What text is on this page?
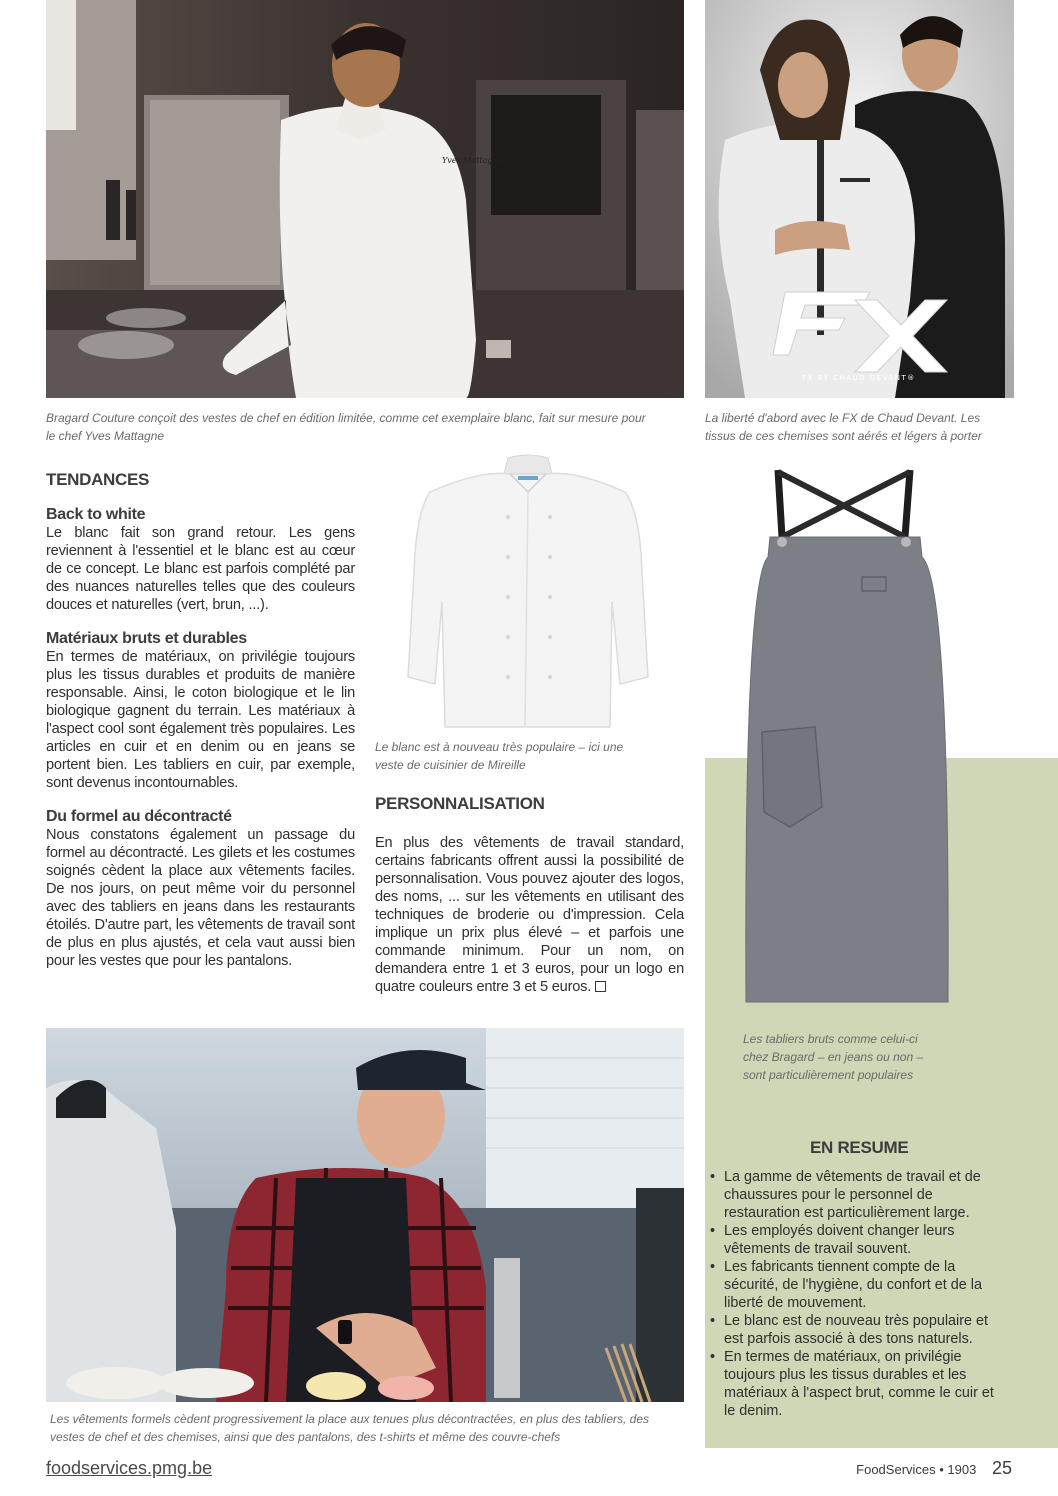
Yves Mattagne
Bragard Couture conçoit des vestes de chef en édition limitée, comme cet exemplaire blanc, fait sur mesure pour le chef Yves Mattagne
FX BY CHAUD DEVANT®
La liberté d'abord avec le FX de Chaud Devant. Les tissus de ces chemises sont aérés et légers à porter
TENDANCES

Back to white

Le blanc fait son grand retour. Les gens reviennent à l'essentiel et le blanc est au cœur de ce concept. Le blanc est parfois complété par des nuances naturelles telles que des couleurs douces et naturelles (vert, brun, ...).

Matériaux bruts et durables

En termes de matériaux, on privilégie toujours plus les tissus durables et produits de manière responsable. Ainsi, le coton biologique et le lin biologique gagnent du terrain. Les matériaux à l'aspect cool sont également très populaires. Les articles en cuir et en denim ou en jeans se portent bien. Les tabliers en cuir, par exemple, sont devenus incontournables.

Du formel au décontracté

Nous constatons également un passage du formel au décontracté. Les gilets et les costumes soignés cèdent la place aux vêtements faciles. De nos jours, on peut même voir du personnel avec des tabliers en jeans dans les restaurants étoilés. D'autre part, les vêtements de travail sont de plus en plus ajustés, et cela vaut aussi bien pour les vestes que pour les pantalons.

Le blanc est à nouveau très populaire – ici une veste de cuisinier de Mireille
PERSONNALISATION

En plus des vêtements de travail standard, certains fabricants offrent aussi la possibilité de personnalisation. Vous pouvez ajouter des logos, des noms, ... sur les vêtements en utilisant des techniques de broderie ou d'impression. Cela implique un prix plus élevé – et parfois une commande minimum. Pour un nom, on demandera entre 1 et 3 euros, pour un logo en quatre couleurs entre 3 et 5 euros.

Les tabliers bruts comme celui-ci chez Bragard – en jeans ou non – sont particulièrement populaires
EN RESUME
• La gamme de vêtements de travail et de chaussures pour le personnel de restauration est particulièrement large.
• Les employés doivent changer leurs vêtements de travail souvent.
• Les fabricants tiennent compte de la sécurité, de l'hygiène, du confort et de la liberté de mouvement.
• Le blanc est de nouveau très populaire et est parfois associé à des tons naturels.
• En termes de matériaux, on privilégie toujours plus les tissus durables et les matériaux à l'aspect brut, comme le cuir et le denim.
Les vêtements formels cèdent progressivement la place aux tenues plus décontractées, en plus des tabliers, des vestes de chef et des chemises, ainsi que des pantalons, des t-shirts et même des couvre-chefs
foodservices.pmg.be	FoodServices • 1903 25
